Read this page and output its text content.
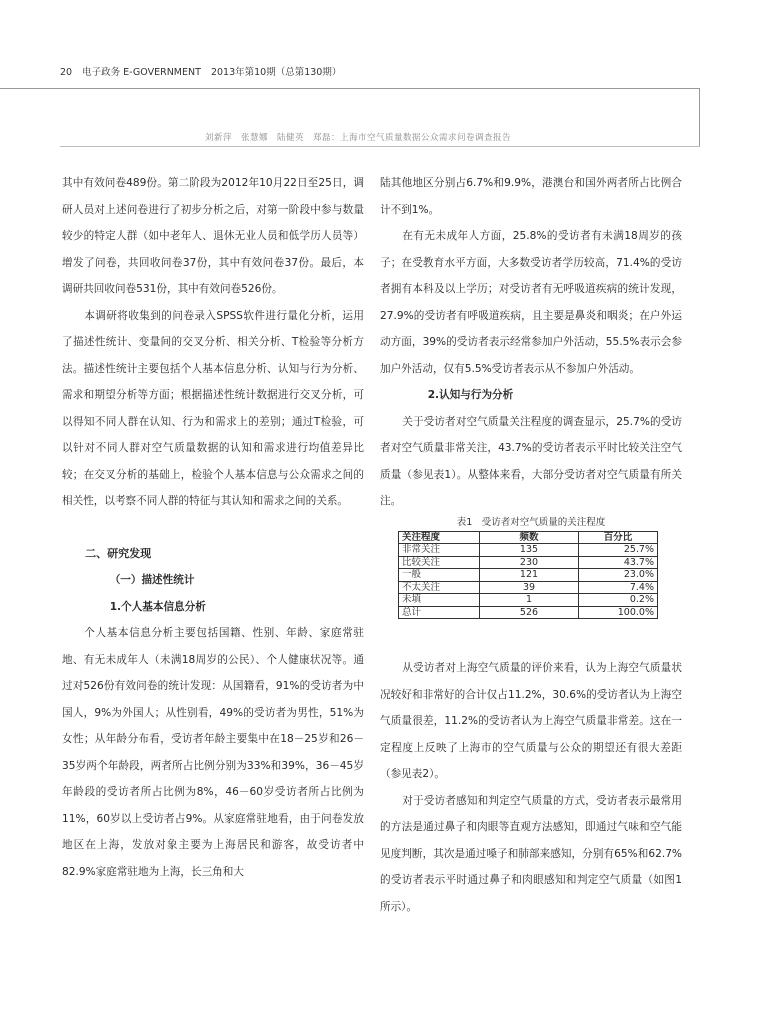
20 电子政务 E-GOVERNMENT 2013年第10期（总第130期）
刘新萍　张慧娜　陆健英　郑磊：上海市空气质量数据公众需求问卷调查报告

其中有效问卷489份。第二阶段为2012年10月22日至25日，调研人员对上述问卷进行了初步分析之后，对第一阶段中参与数量较少的特定人群（如中老年人、退休无业人员和低学历人员等）增发了问卷，共回收问卷37份，其中有效问卷37份。最后，本调研共回收问卷531份，其中有效问卷526份。

本调研将收集到的问卷录入SPSS软件进行量化分析，运用了描述性统计、变量间的交叉分析、相关分析、T检验等分析方法。描述性统计主要包括个人基本信息分析、认知与行为分析、需求和期望分析等方面；根据描述性统计数据进行交叉分析，可以得知不同人群在认知、行为和需求上的差别；通过T检验，可以针对不同人群对空气质量数据的认知和需求进行均值差异比较；在交叉分析的基础上，检验个人基本信息与公众需求之间的相关性，以考察不同人群的特征与其认知和需求之间的关系。

二、研究发现

（一）描述性统计

1.个人基本信息分析

个人基本信息分析主要包括国籍、性别、年龄、家庭常驻地、有无未成年人（未满18周岁的公民）、个人健康状况等。通过对526份有效问卷的统计发现：从国籍看，91%的受访者为中国人，9%为外国人；从性别看，49%的受访者为男性，51%为女性；从年龄分布看，受访者年龄主要集中在18－25岁和26－35岁两个年龄段，两者所占比例分别为33%和39%，36－45岁年龄段的受访者所占比例为8%，46－60岁受访者所占比例为11%，60岁以上受访者占9%。从家庭常驻地看，由于问卷发放地区在上海，发放对象主要为上海居民和游客，故受访者中82.9%家庭常驻地为上海，长三角和大

陆其他地区分别占6.7%和9.9%，港澳台和国外两者所占比例合计不到1%。

在有无未成年人方面，25.8%的受访者有未满18周岁的孩子；在受教育水平方面，大多数受访者学历较高，71.4%的受访者拥有本科及以上学历；对受访者有无呼吸道疾病的统计发现，27.9%的受访者有呼吸道疾病，且主要是鼻炎和咽炎；在户外运动方面，39%的受访者表示经常参加户外活动，55.5%表示会参加户外活动，仅有5.5%受访者表示从不参加户外活动。

2.认知与行为分析

关于受访者对空气质量关注程度的调查显示，25.7%的受访者对空气质量非常关注，43.7%的受访者表示平时比较关注空气质量（参见表1）。从整体来看，大部分受访者对空气质量有所关注。

表1　受访者对空气质量的关注程度

关注程度	频数	百分比
非常关注	135	25.7%
比较关注	230	43.7%
一般	121	23.0%
不太关注	39	7.4%
未填	1	0.2%
总计	526	100.0%

从受访者对上海空气质量的评价来看，认为上海空气质量状况较好和非常好的合计仅占11.2%，30.6%的受访者认为上海空气质量很差，11.2%的受访者认为上海空气质量非常差。这在一定程度上反映了上海市的空气质量与公众的期望还有很大差距（参见表2）。

对于受访者感知和判定空气质量的方式，受访者表示最常用的方法是通过鼻子和肉眼等直观方法感知，即通过气味和空气能见度判断，其次是通过嗓子和肺部来感知，分别有65%和62.7%的受访者表示平时通过鼻子和肉眼感知和判定空气质量（如图1所示）。
